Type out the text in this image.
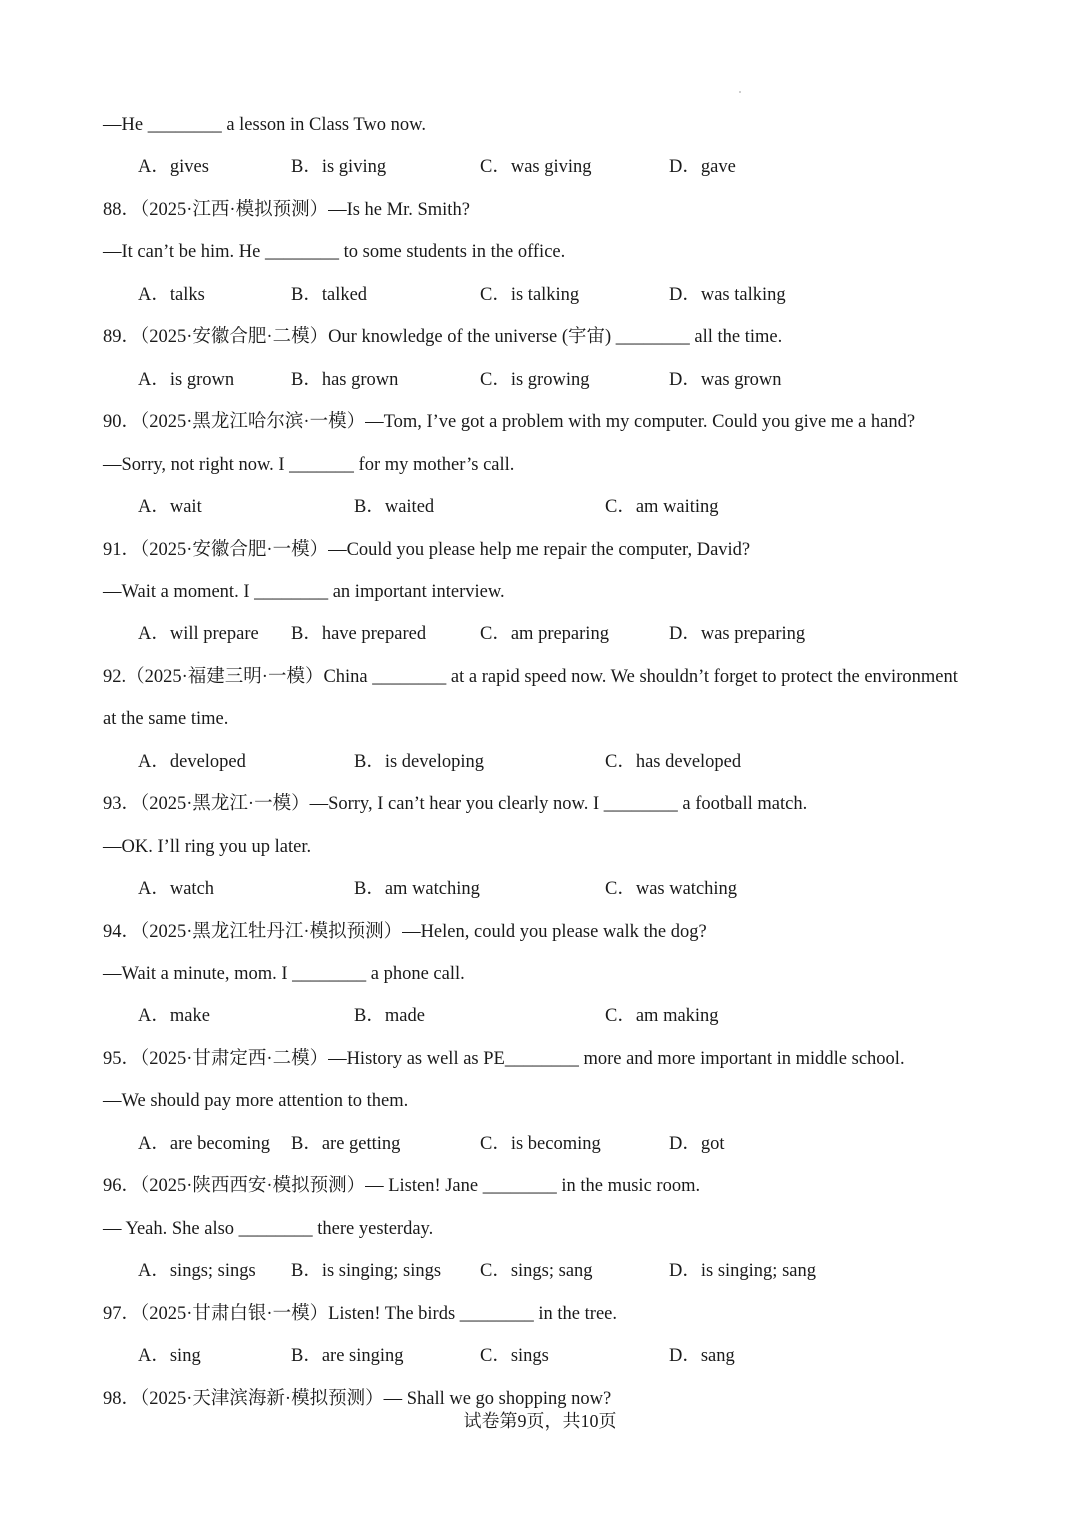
—He ________ a lesson in Class Two now.
A．gives	B．is giving	C．was giving	D．gave
88．（2025·江西·模拟预测）—Is he Mr. Smith?
—It can’t be him. He ________ to some students in the office.
A．talks	B．talked	C．is talking	D．was talking
89．（2025·安徽合肥·二模）Our knowledge of the universe (宇宙) ________ all the time.
A．is grown	B．has grown	C．is growing	D．was grown
90．（2025·黑龙江哈尔滨·一模）—Tom, I’ve got a problem with my computer. Could you give me a hand?
—Sorry, not right now. I _______ for my mother’s call.
A．wait	B．waited	C．am waiting
91．（2025·安徽合肥·一模）—Could you please help me repair the computer, David?
—Wait a moment. I ________ an important interview.
A．will prepare B．have prepared	C．am preparing	D．was preparing
92.（2025·福建三明·一模）China ________ at a rapid speed now. We shouldn’t forget to protect the environment
at the same time.
A．developed	B．is developing	C．has developed
93．（2025·黑龙江·一模）—Sorry, I can’t hear you clearly now. I ________ a football match.
—OK. I’ll ring you up later.
A．watch	B．am watching	C．was watching
94．（2025·黑龙江牡丹江·模拟预测）—Helen, could you please walk the dog?
—Wait a minute, mom. I ________ a phone call.
A．make	B．made	C．am making
95．（2025·甘肃定西·二模）—History as well as PE________ more and more important in middle school.
—We should pay more attention to them.
A．are becoming B．are getting	C．is becoming	D．got
96．（2025·陕西西安·模拟预测）— Listen! Jane ________ in the music room.
— Yeah. She also ________ there yesterday.
A．sings; sings B．is singing; sings C．sings; sang	D．is singing; sang
97．（2025·甘肃白银·一模）Listen! The birds ________ in the tree.
A．sing	B．are singing	C．sings	D．sang
98．（2025·天津滨海新·模拟预测）— Shall we go shopping now?
试卷第9页，共10页
